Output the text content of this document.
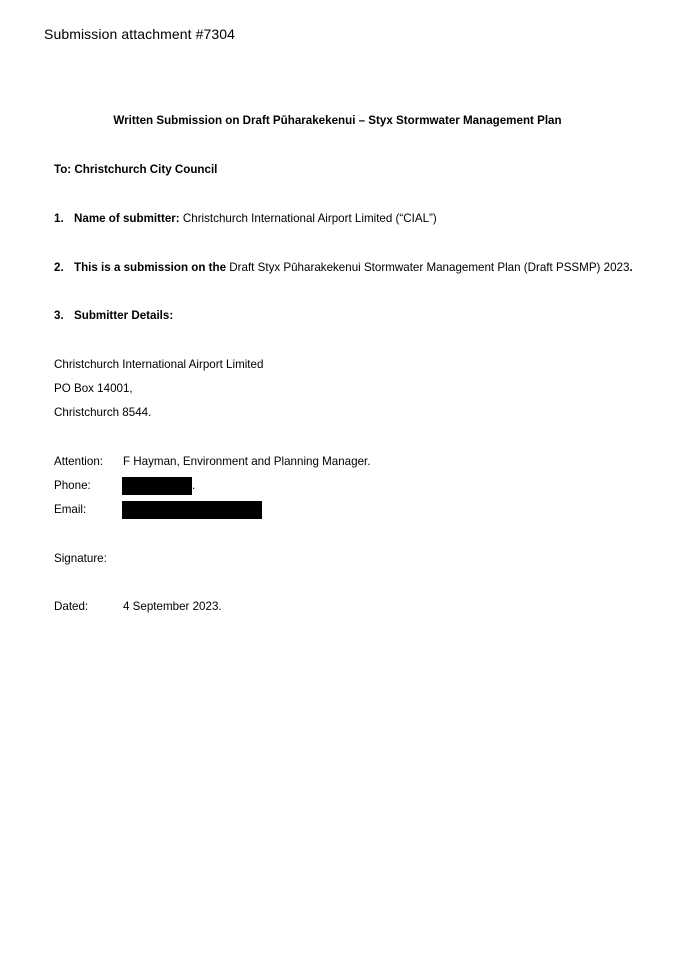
Submission attachment #7304
Written Submission on Draft Pūharakekenui – Styx Stormwater Management Plan
To: Christchurch City Council
1. Name of submitter: Christchurch International Airport Limited (“CIAL”)
2. This is a submission on the Draft Styx Pūharakekenui Stormwater Management Plan (Draft PSSMP) 2023.
3. Submitter Details:
Christchurch International Airport Limited
PO Box 14001,
Christchurch 8544.
Attention: F Hayman, Environment and Planning Manager.
Phone:	.
Email:
Signature:
Dated:	4 September 2023.
